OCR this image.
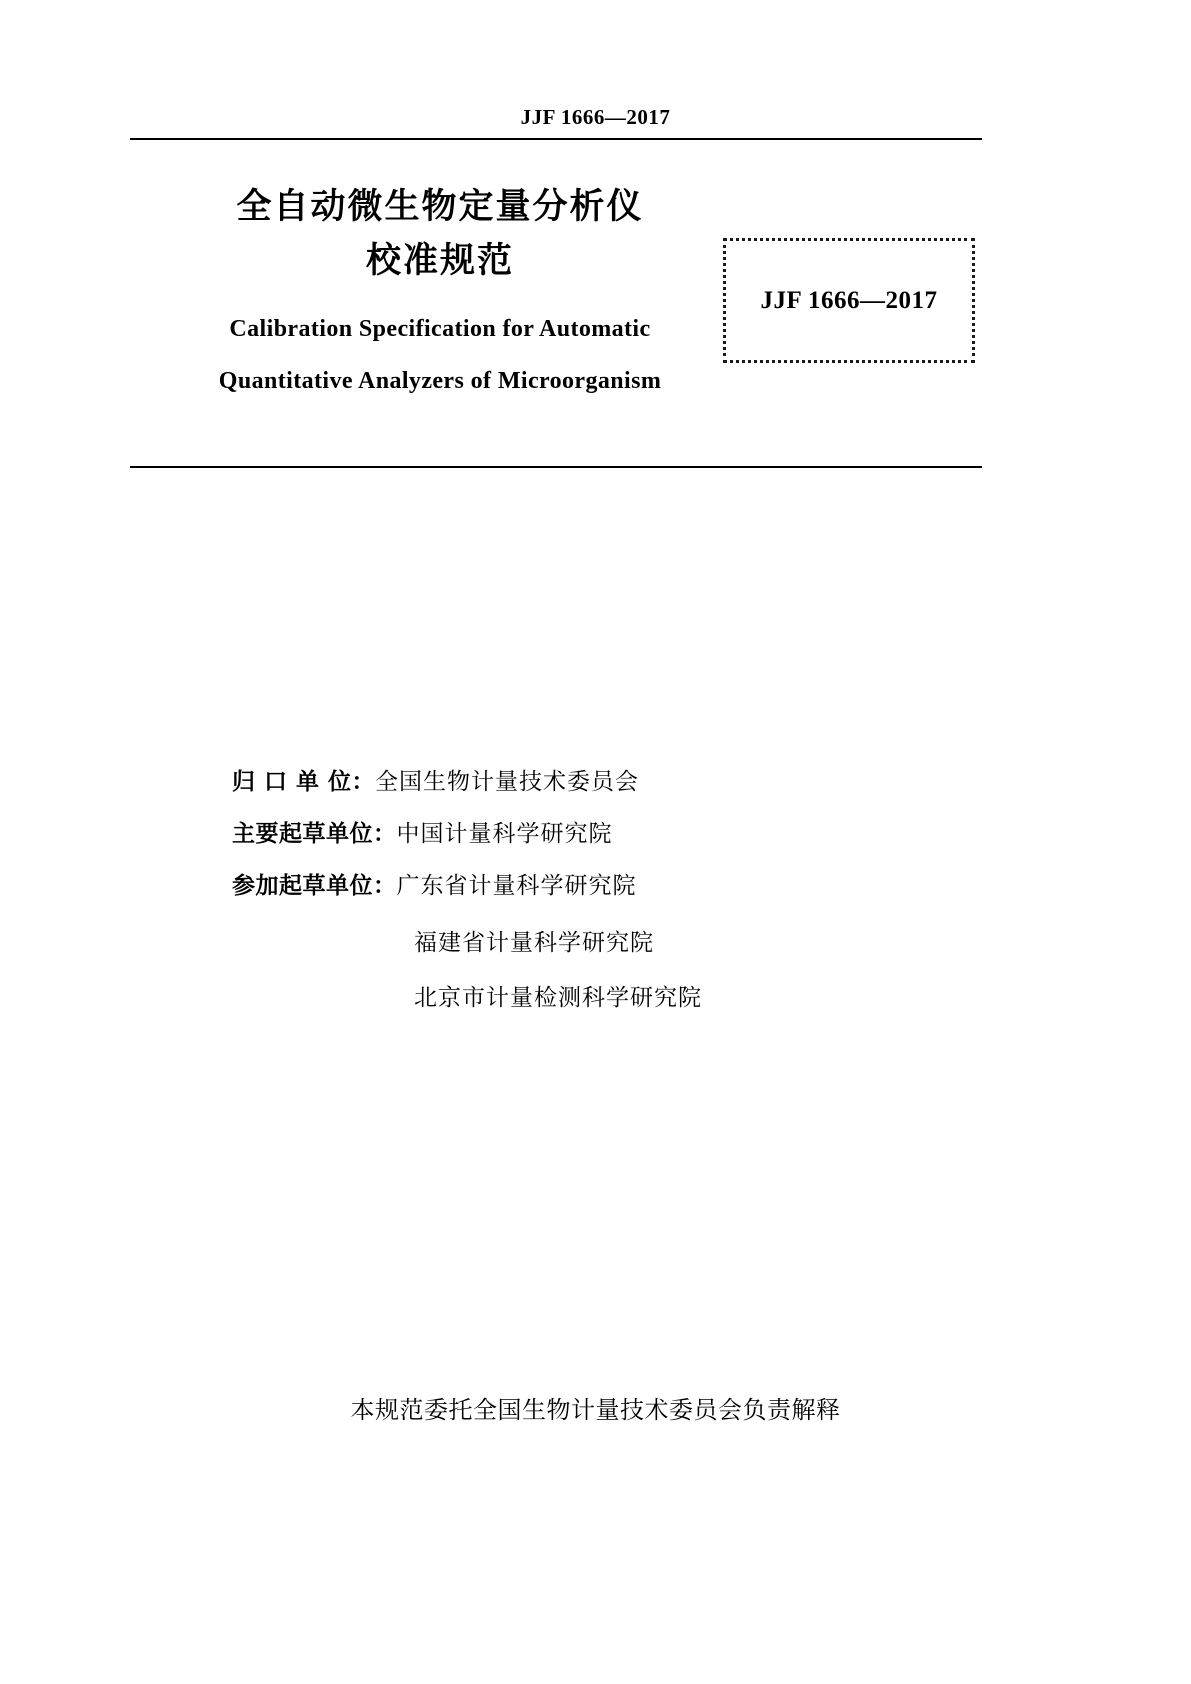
JJF 1666—2017
全自动微生物定量分析仪
校准规范
Calibration Specification for Automatic
Quantitative Analyzers of Microorganism
JJF 1666—2017
归 口 单 位： 全国生物计量技术委员会
主要起草单位： 中国计量科学研究院
参加起草单位： 广东省计量科学研究院
福建省计量科学研究院
北京市计量检测科学研究院
本规范委托全国生物计量技术委员会负责解释
